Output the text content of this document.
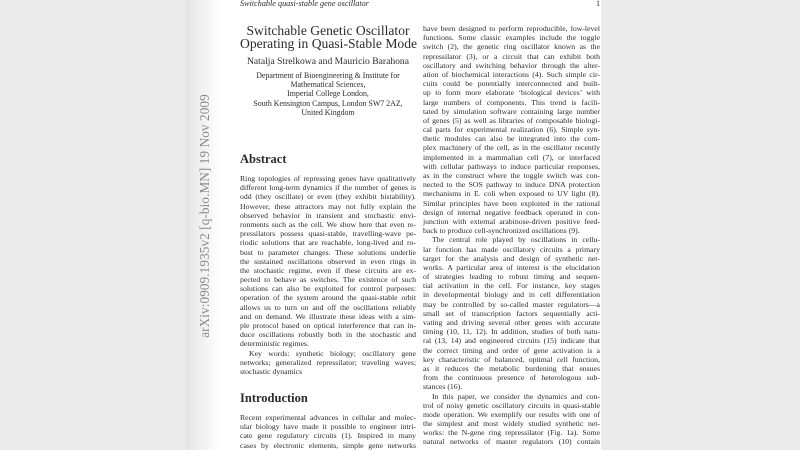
arXiv:0909.1935v2 [q-bio.MN] 19 Nov 2009
Switchable quasi-stable gene oscillator	1
Switchable Genetic Oscillator
Operating in Quasi-Stable Mode
Natalja Strelkowa and Mauricio Barahona
Department of Bioengineering & Institute for
Mathematical Sciences,
Imperial College London,
South Kensington Campus, London SW7 2AZ,
United Kingdom
Abstract
Ring topologies of repressing genes have qualitatively
different long-term dynamics if the number of genes is
odd (they oscillate) or even (they exhibit bistability).
However, these attractors may not fully explain the
observed behavior in transient and stochastic envi-
ronments such as the cell. We show here that even re-
pressilators possess quasi-stable, travelling-wave pe-
riodic solutions that are reachable, long-lived and ro-
bust to parameter changes. These solutions underlie
the sustained oscillations observed in even rings in
the stochastic regime, even if these circuits are ex-
pected to behave as switches. The existence of such
solutions can also be exploited for control purposes:
operation of the system around the quasi-stable orbit
allows us to turn on and off the oscillations reliably
and on demand. We illustrate these ideas with a sim-
ple protocol based on optical interference that can in-
duce oscillations robustly both in the stochastic and
deterministic regimes.
Key words: synthetic biology; oscillatory gene
networks; generalized repressilator; traveling waves;
stochastic dynamics
Introduction
Recent experimental advances in cellular and molec-
ular biology have made it possible to engineer intri-
cate gene regulatory circuits (1). Inspired in many
cases by electronic elements, simple gene networks
have been designed to perform reproducible, low-level
functions. Some classic examples include the toggle
switch (2), the genetic ring oscillator known as the
repressilator (3), or a circuit that can exhibit both
oscillatory and switching behavior through the alter-
ation of biochemical interactions (4). Such simple cir-
cuits could be potentially interconnected and built-
up to form more elaborate ‘biological devices’ with
large numbers of components. This trend is facili-
tated by simulation software containing large number
of genes (5) as well as libraries of composable biologi-
cal parts for experimental realization (6). Simple syn-
thetic modules can also be integrated into the com-
plex machinery of the cell, as in the oscillator recently
implemented in a mammalian cell (7), or interfaced
with cellular pathways to induce particular responses,
as in the construct where the toggle switch was con-
nected to the SOS pathway to induce DNA protection
mechanisms in E. coli when exposed to UV light (8).
Similar principles have been exploited in the rational
design of internal negative feedback operated in con-
junction with external arabinose-driven positive feed-
back to produce cell-synchronized oscillations (9).
The central role played by oscillations in cellu-
lar function has made oscillatory circuits a primary
target for the analysis and design of synthetic net-
works. A particular area of interest is the elucidation
of strategies leading to robust timing and sequen-
tial activation in the cell. For instance, key stages
in developmental biology and in cell differentiation
may be controlled by so-called master regulators—a
small set of transcription factors sequentially acti-
vating and driving several other genes with accurate
timing (10, 11, 12). In addition, studies of both natu-
ral (13, 14) and engineered circuits (15) indicate that
the correct timing and order of gene activation is a
key characteristic of balanced, optimal cell function,
as it reduces the metabolic burdening that ensues
from the continuous presence of heterologous sub-
stances (16).
In this paper, we consider the dynamics and con-
trol of noisy genetic oscillatory circuits in quasi-stable
mode operation. We exemplify our results with one of
the simplest and most widely studied synthetic net-
works: the N-gene ring repressilator (Fig. 1a). Some
natural networks of master regulators (10) contain
